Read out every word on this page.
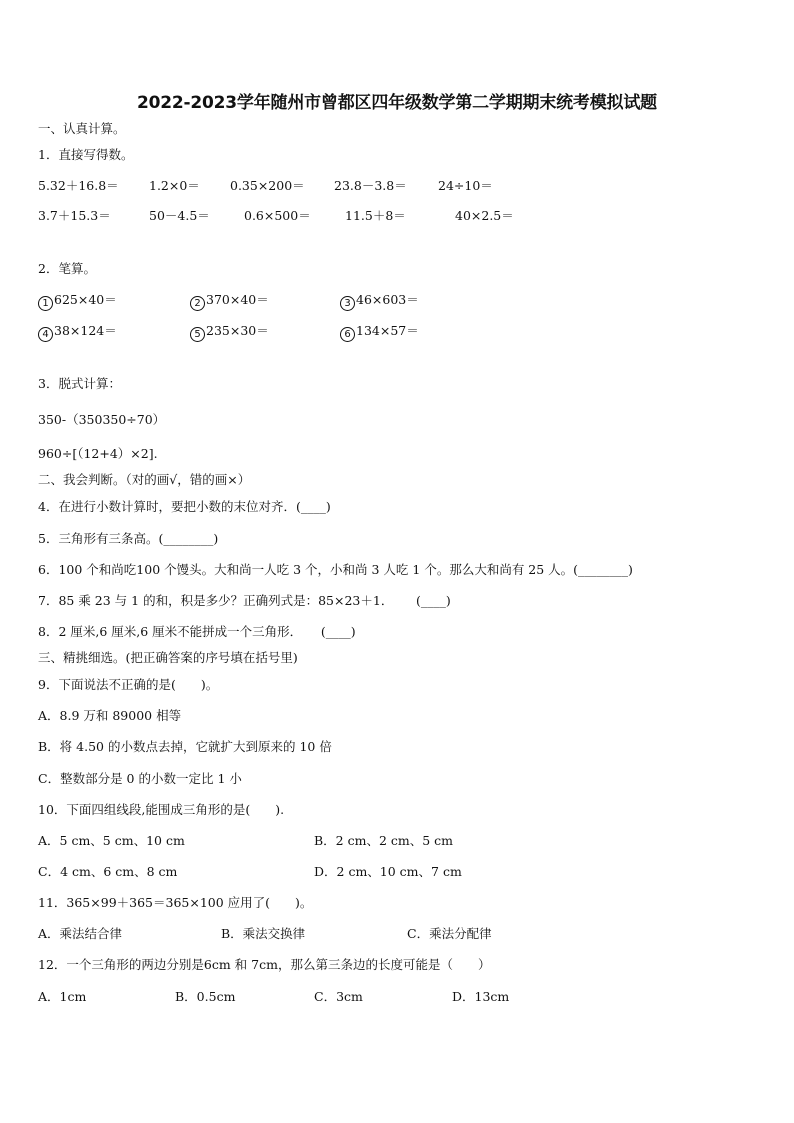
2022-2023学年随州市曾都区四年级数学第二学期期末统考模拟试题
一、认真计算。
1．直接写得数。
5.32＋16.8＝ 1.2×0＝ 0.35×200＝ 23.8－3.8＝	24÷10＝
3.7＋15.3＝	50－4.5＝	0.6×500＝	11.5＋8＝	40×2.5＝
2．笔算。
1 625×40＝	2 370×40＝	3 46×603＝
4 38×124＝	5 235×30＝	6 134×57＝
3．脱式计算：
350-（350350÷70）
960÷[（12+4）×2].
二、我会判断。（对的画√，错的画×）
4．在进行小数计算时，要把小数的末位对齐．(____)
5．三角形有三条高。(________)
6．100 个和尚吃100 个馒头。大和尚一人吃 3 个，小和尚 3 人吃 1 个。那么大和尚有 25 人。(________)
7．85 乘 23 与 1 的和，积是多少？正确列式是：85×23＋1．　　 (____)
8．2 厘米,6 厘米,6 厘米不能拼成一个三角形．　　(____)
三、精挑细选。(把正确答案的序号填在括号里)
9．下面说法不正确的是(　　)。
A．8.9 万和 89000 相等
B．将 4.50 的小数点去掉，它就扩大到原来的 10 倍
C．整数部分是 0 的小数一定比 1 小
10．下面四组线段,能围成三角形的是(　　).
A．5 cm、5 cm、10 cm	B．2 cm、2 cm、5 cm
C．4 cm、6 cm、8 cm	D．2 cm、10 cm、7 cm
11．365×99＋365＝365×100 应用了(　　)。
A．乘法结合律	B．乘法交换律	C．乘法分配律
12．一个三角形的两边分别是6cm 和 7cm，那么第三条边的长度可能是（　　）
A．1cm	B．0.5cm	C．3cm	D．13cm
